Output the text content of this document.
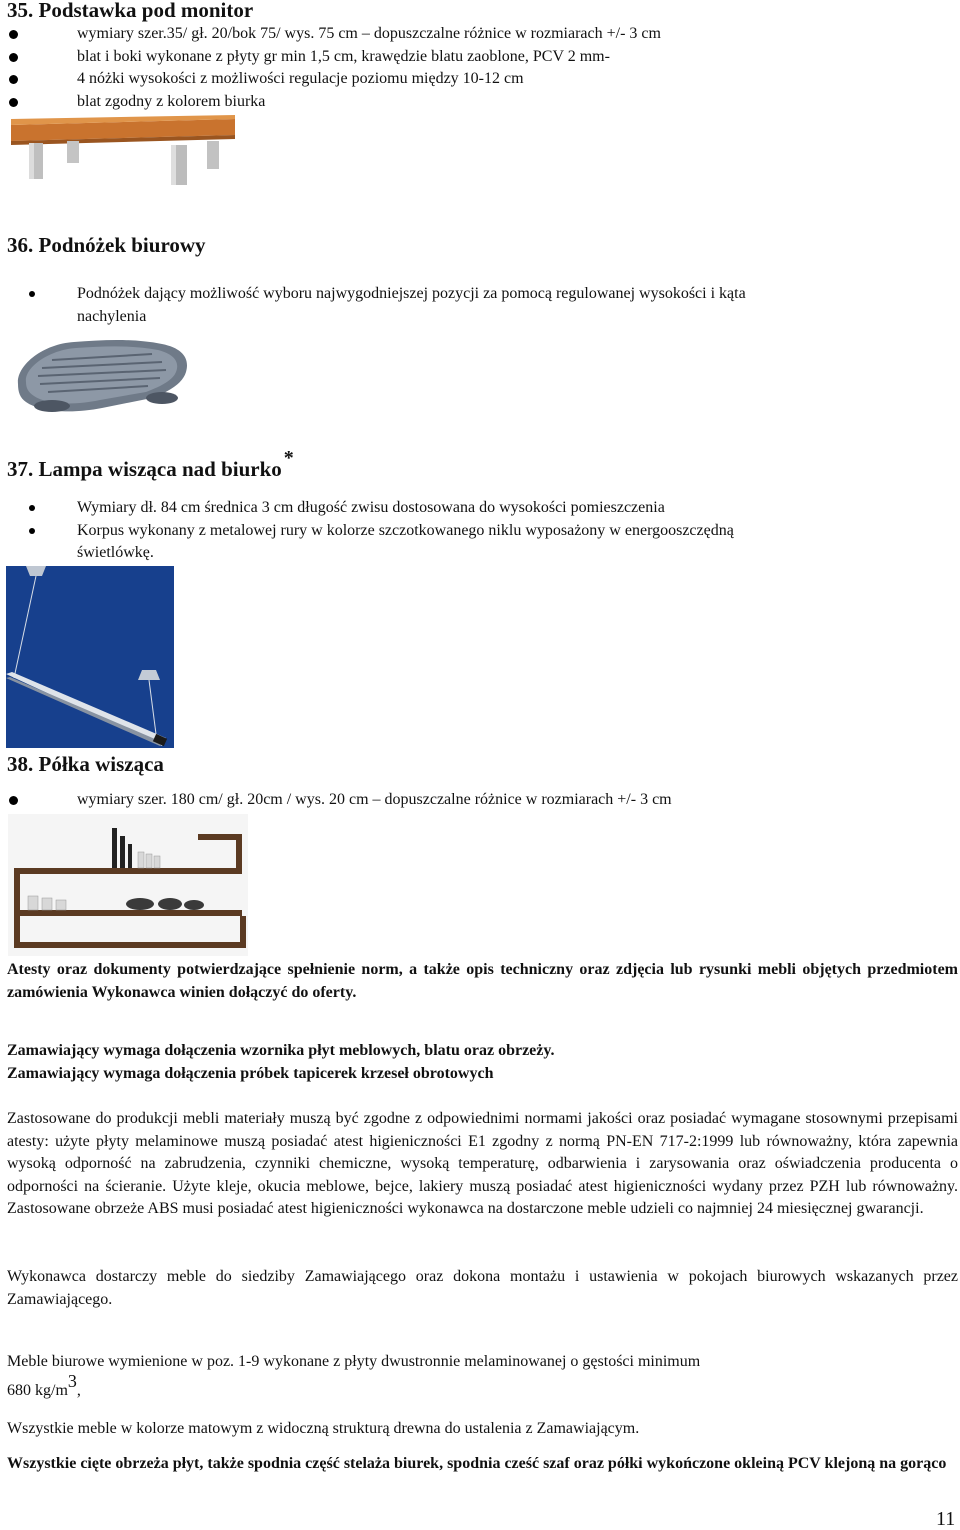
35. Podstawka pod monitor
wymiary szer.35/ gł. 20/bok 75/ wys. 75 cm – dopuszczalne różnice w rozmiarach +/- 3 cm
blat i boki wykonane z płyty gr min 1,5 cm, krawędzie blatu zaoblone, PCV 2 mm-
4 nóżki wysokości z możliwości regulacje poziomu między 10-12 cm
blat zgodny z kolorem biurka
36. Podnóżek biurowy
Podnóżek dający możliwość wyboru najwygodniejszej pozycji za pomocą regulowanej wysokości i kąta
nachylenia
37. Lampa wisząca nad biurko *
Wymiary dł. 84 cm średnica 3 cm długość zwisu dostosowana do wysokości pomieszczenia
Korpus wykonany z metalowej rury w kolorze szczotkowanego niklu wyposażony w energooszczędną
świetlówkę.
38. Półka wisząca
wymiary szer. 180 cm/ gł. 20cm / wys. 20 cm – dopuszczalne różnice w rozmiarach +/- 3 cm
Atesty oraz dokumenty potwierdzające spełnienie norm, a także opis techniczny oraz zdjęcia lub rysunki mebli objętych przedmiotem zamówienia Wykonawca winien dołączyć do oferty.
Zamawiający wymaga dołączenia wzornika płyt meblowych, blatu oraz obrzeży.
Zamawiający wymaga dołączenia próbek tapicerek krzeseł obrotowych
Zastosowane do produkcji mebli materiały muszą być zgodne z odpowiednimi normami jakości oraz posiadać wymagane stosownymi przepisami atesty: użyte płyty melaminowe muszą posiadać atest higieniczności E1 zgodny z normą PN-EN 717-2:1999 lub równoważny, która zapewnia wysoką odporność na zabrudzenia, czynniki chemiczne, wysoką temperaturę, odbarwienia i zarysowania oraz oświadczenia producenta o odporności na ścieranie. Użyte kleje, okucia meblowe, bejce, lakiery muszą posiadać atest higieniczności wydany przez PZH lub równoważny. Zastosowane obrzeże ABS musi posiadać atest higieniczności wykonawca na dostarczone meble udzieli co najmniej 24 miesięcznej gwarancji.
Wykonawca dostarczy meble do siedziby Zamawiającego oraz dokona montażu i ustawienia w pokojach biurowych wskazanych przez Zamawiającego.
Meble biurowe wymienione w poz. 1-9 wykonane z płyty dwustronnie melaminowanej o gęstości minimum
680 kg/m3,
Wszystkie meble w kolorze matowym z widoczną strukturą drewna do ustalenia z Zamawiającym.
Wszystkie cięte obrzeża płyt, także spodnia część stelaża biurek, spodnia cześć szaf oraz półki wykończone okleiną PCV klejoną na gorąco
11
